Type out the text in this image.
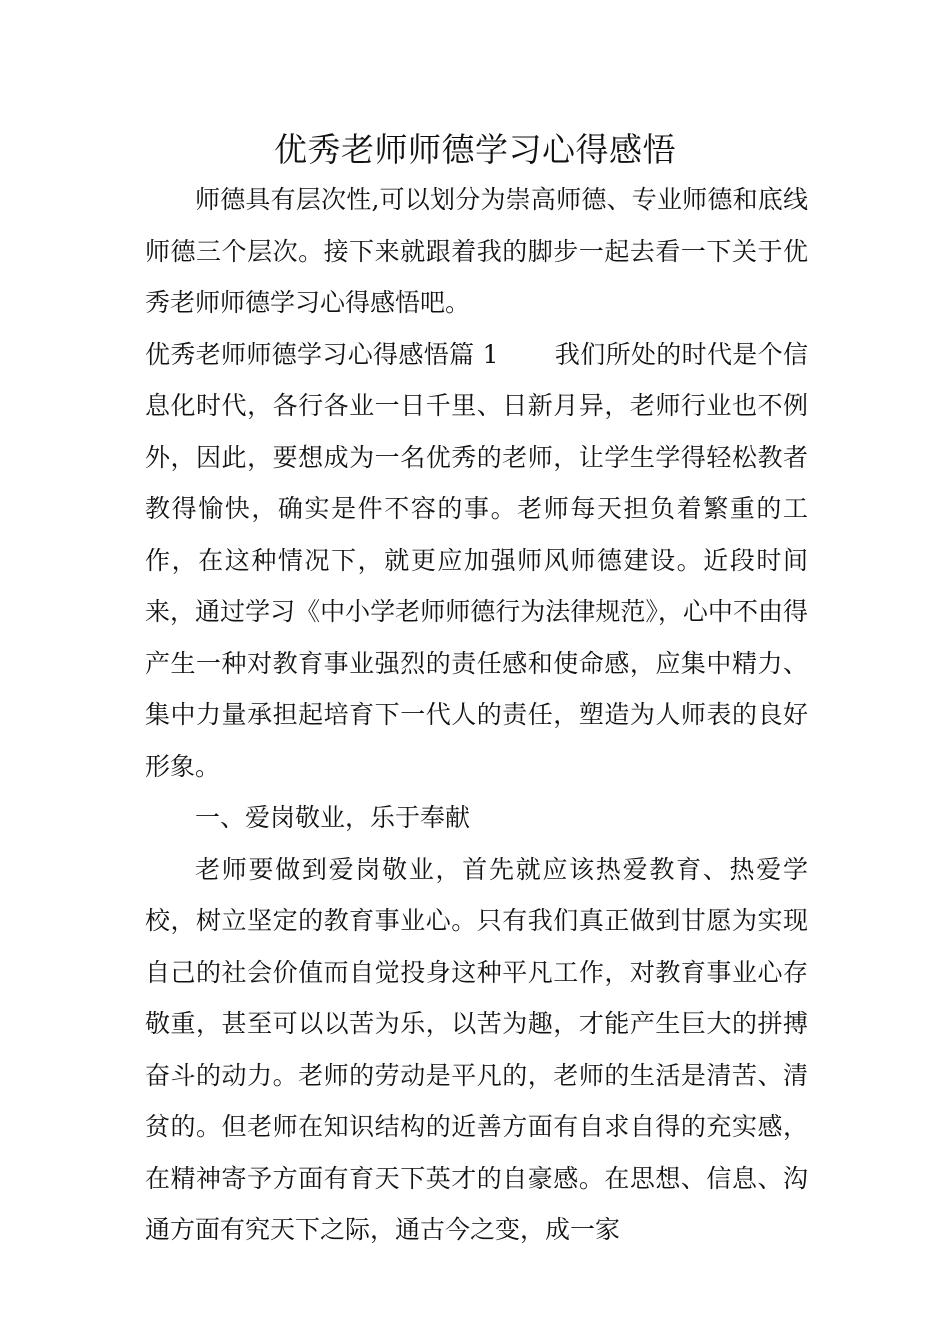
优秀老师师德学习心得感悟

师德具有层次性,可以划分为崇高师德、专业师德和底线师德三个层次。接下来就跟着我的脚步一起去看一下关于优秀老师师德学习心得感悟吧。

优秀老师师德学习心得感悟篇 1 我们所处的时代是个信息化时代，各行各业一日千里、日新月异，老师行业也不例外，因此，要想成为一名优秀的老师，让学生学得轻松教者教得愉快，确实是件不容的事。老师每天担负着繁重的工作，在这种情况下，就更应加强师风师德建设。近段时间来，通过学习《中小学老师师德行为法律规范》，心中不由得产生一种对教育事业强烈的责任感和使命感，应集中精力、集中力量承担起培育下一代人的责任，塑造为人师表的良好形象。

一、爱岗敬业，乐于奉献

老师要做到爱岗敬业，首先就应该热爱教育、热爱学校，树立坚定的教育事业心。只有我们真正做到甘愿为实现自己的社会价值而自觉投身这种平凡工作，对教育事业心存敬重，甚至可以以苦为乐，以苦为趣，才能产生巨大的拼搏奋斗的动力。老师的劳动是平凡的，老师的生活是清苦、清贫的。但老师在知识结构的近善方面有自求自得的充实感，在精神寄予方面有育天下英才的自豪感。在思想、信息、沟通方面有究天下之际，通古今之变，成一家
